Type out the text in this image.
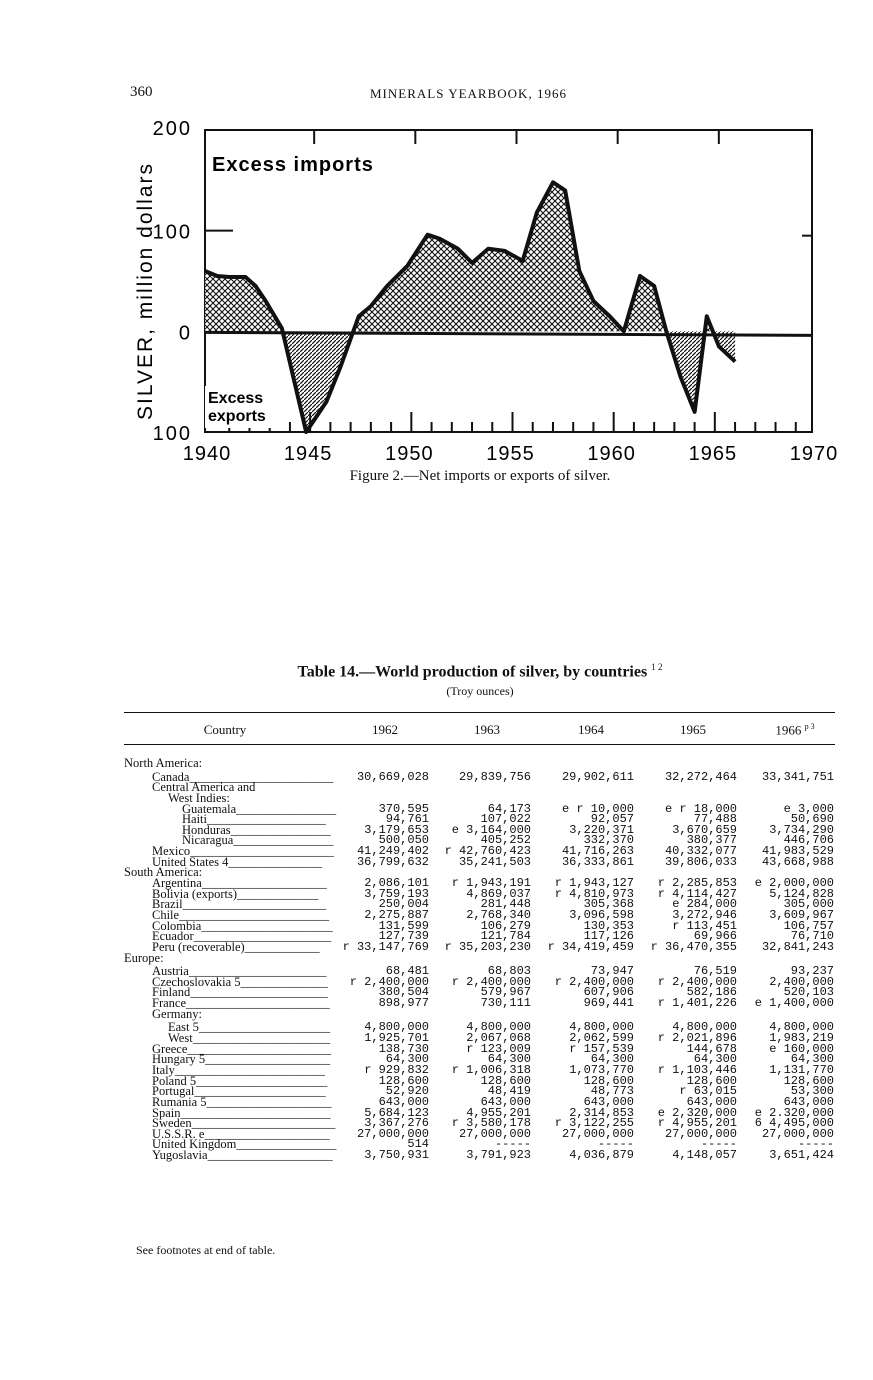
360	MINERALS YEARBOOK, 1966
200
100
0
100
1940	1945	1950	1955	1960	1965	1970
Excess
exports
SILVER, million dollars	Excess imports
Figure 2.—Net imports or exports of silver.
Table 14.—World production of silver, by countries $^{1 2}$
(Troy ounces)
Country	1962	1963	1964	1965	1966 $^{p 3}$
North America:
Canada_______________________	30,669,028	29,839,756	29,902,611	32,272,464	33,341,751
Central America and
West Indies:
Guatemala________________	370,595	64,173	e r 10,000	e r 18,000	e 3,000
Haiti___________________	94,761	107,022	92,057	77,488	50,690
Honduras________________	3,179,653	e 3,164,000	3,220,371	3,670,659	3,734,290
Nicaragua________________	500,050	405,252	332,370	380,377	446,706
Mexico_______________________	41,249,402	r 42,760,423	41,716,263	40,332,077	41,983,529
United States 4_______________	36,799,632	35,241,503	36,333,861	39,806,033	43,668,988
South America:
Argentina____________________	2,086,101	r 1,943,191	r 1,943,127	r 2,285,853	e 2,000,000
Bolivia (exports)_____________	3,759,193	4,869,037	r 4,810,973	r 4,114,427	5,124,828
Brazil_______________________	250,004	281,448	305,368	e 284,000	305,000
Chile________________________	2,275,887	2,768,340	3,096,598	3,272,946	3,609,967
Colombia_____________________	131,599	106,279	130,353	r 113,451	106,757
Ecuador______________________	127,739	121,784	117,126	69,966	76,710
Peru (recoverable)____________	r 33,147,769	r 35,203,230	r 34,419,459	r 36,470,355	32,841,243
Europe:
Austria______________________	68,481	68,803	73,947	76,519	93,237
Czechoslovakia 5______________	r 2,400,000	r 2,400,000	r 2,400,000	r 2,400,000	2,400,000
Finland______________________	380,504	579,967	607,906	582,186	520,103
France_______________________	898,977	730,111	969,441	r 1,401,226	e 1,400,000
Germany:
East 5_____________________	4,800,000	4,800,000	4,800,000	4,800,000	4,800,000
West______________________	1,925,701	2,067,068	2,062,599	r 2,021,896	1,983,219
Greece_______________________	138,730	r 123,009	r 157,539	144,678	e 160,000
Hungary 5____________________	64,300	64,300	64,300	64,300	64,300
Italy________________________	r 929,832	r 1,006,318	1,073,770	r 1,103,446	1,131,770
Poland 5_____________________	128,600	128,600	128,600	128,600	128,600
Portugal_____________________	52,920	48,419	48,773	r 63,015	53,300
Rumania 5____________________	643,000	643,000	643,000	643,000	643,000
Spain________________________	5,684,123	4,955,201	2,314,853	e 2,320,000	e 2.320,000
Sweden_______________________	3,367,276	r 3,580,178	r 3,122,255	r 4,955,201	6 4,495,000
U.S.S.R. e____________________	27,000,000	27,000,000	27,000,000	27,000,000	27,000,000
United Kingdom________________	514	-----	-----	-----	-----
Yugoslavia____________________	3,750,931	3,791,923	4,036,879	4,148,057	3,651,424
See footnotes at end of table.
